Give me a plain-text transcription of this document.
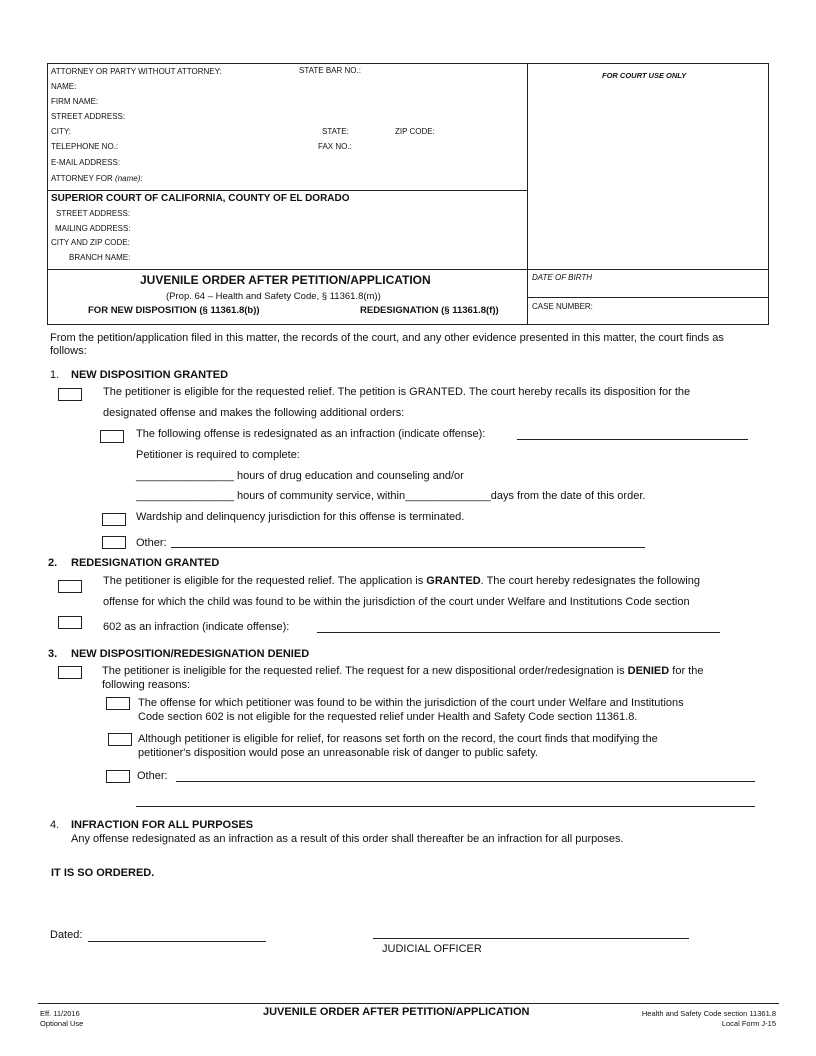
ATTORNEY OR PARTY WITHOUT ATTORNEY:	STATE BAR NO.:
FOR COURT USE ONLY
NAME:
FIRM NAME:
STREET ADDRESS:
CITY:	STATE:	ZIP CODE:
TELEPHONE NO.:	FAX NO.:
E-MAIL ADDRESS:
ATTORNEY FOR (name):
SUPERIOR COURT OF CALIFORNIA, COUNTY OF EL DORADO
STREET ADDRESS:
MAILING ADDRESS:
CITY AND ZIP CODE:
BRANCH NAME:
JUVENILE ORDER AFTER PETITION/APPLICATION
(Prop. 64 – Health and Safety Code, § 11361.8(m))
FOR NEW DISPOSITION (§ 11361.8(b))	REDESIGNATION (§ 11361.8(f))
DATE OF BIRTH
CASE NUMBER:
From the petition/application filed in this matter, the records of the court, and any other evidence presented in this matter, the court finds as follows:
1. NEW DISPOSITION GRANTED
The petitioner is eligible for the requested relief. The petition is GRANTED. The court hereby recalls its disposition for the
designated offense and makes the following additional orders:
The following offense is redesignated as an infraction (indicate offense):
Petitioner is required to complete:
________________ hours of drug education and counseling and/or
________________ hours of community service, within______________days from the date of this order.
Wardship and delinquency jurisdiction for this offense is terminated.
Other:
2. REDESIGNATION GRANTED
The petitioner is eligible for the requested relief. The application is GRANTED. The court hereby redesignates the following
offense for which the child was found to be within the jurisdiction of the court under Welfare and Institutions Code section
602 as an infraction (indicate offense):
3. NEW DISPOSITION/REDESIGNATION DENIED
The petitioner is ineligible for the requested relief. The request for a new dispositional order/redesignation is DENIED for the
following reasons:
The offense for which petitioner was found to be within the jurisdiction of the court under Welfare and Institutions
Code section 602 is not eligible for the requested relief under Health and Safety Code section 11361.8.
Although petitioner is eligible for relief, for reasons set forth on the record, the court finds that modifying the
petitioner's disposition would pose an unreasonable risk of danger to public safety.
Other:
4. INFRACTION FOR ALL PURPOSES
Any offense redesignated as an infraction as a result of this order shall thereafter be an infraction for all purposes.
IT IS SO ORDERED.
Dated:
JUDICIAL OFFICER
Eff. 11/2016
Optional Use
JUVENILE ORDER AFTER PETITION/APPLICATION	Health and Safety Code section 11361.8
Local Form J-15
